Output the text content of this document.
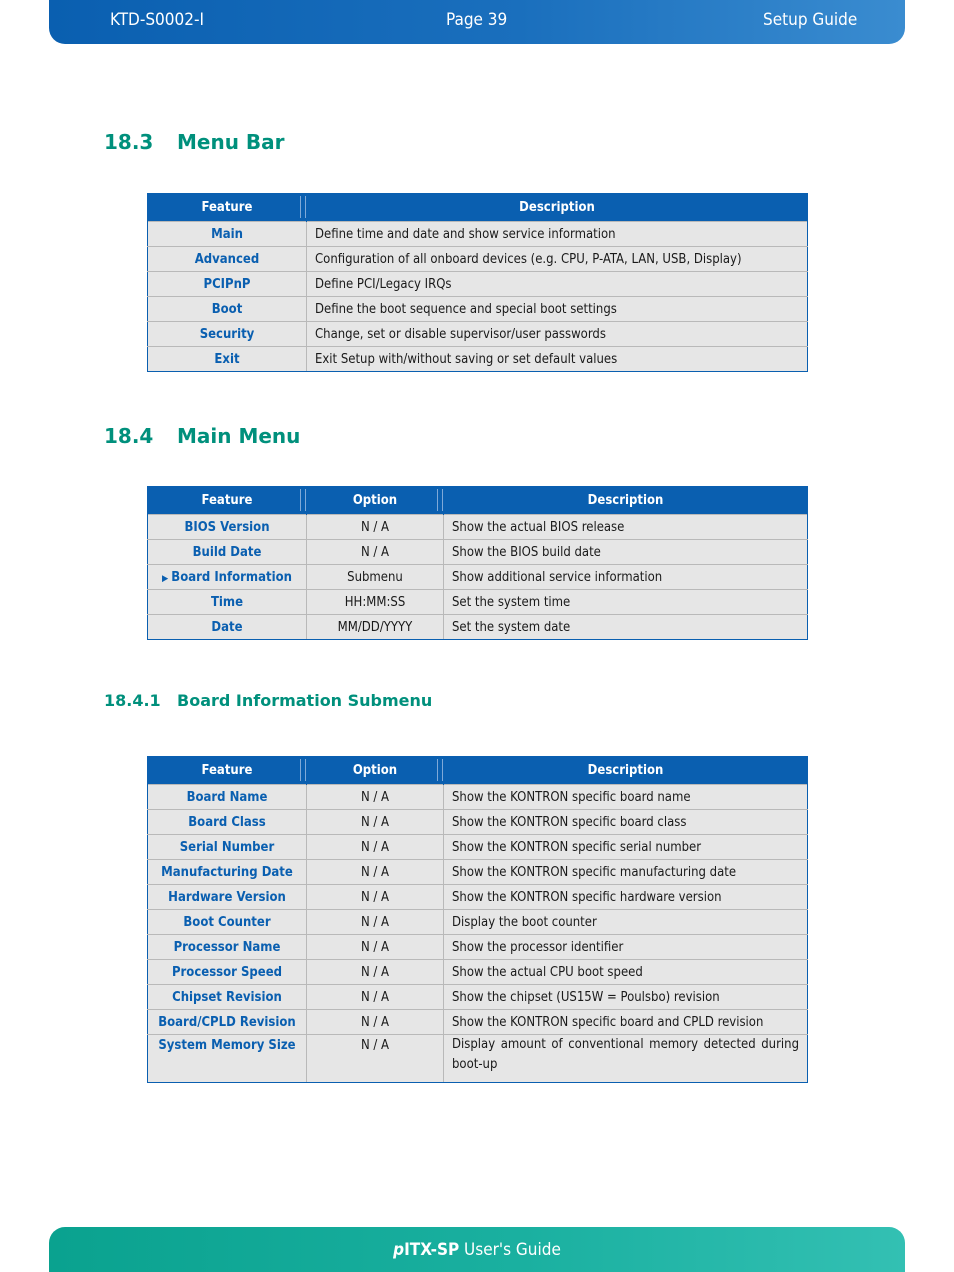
KTD-S0002-I	Page 39	Setup Guide
18.3 Menu Bar
Feature	Description
Main	Define time and date and show service information
Advanced	Configuration of all onboard devices (e.g. CPU, P-ATA, LAN, USB, Display)
PCIPnP	Define PCI/Legacy IRQs
Boot	Define the boot sequence and special boot settings
Security	Change, set or disable supervisor/user passwords
Exit	Exit Setup with/without saving or set default values
18.4 Main Menu
Feature	Option	Description
BIOS Version	N / A	Show the actual BIOS release
Build Date	N / A	Show the BIOS build date
▶ Board Information	Submenu	Show additional service information
Time	HH:MM:SS	Set the system time
Date	MM/DD/YYYY	Set the system date
18.4.1 Board Information Submenu
Feature	Option	Description
Board Name	N / A	Show the KONTRON specific board name
Board Class	N / A	Show the KONTRON specific board class
Serial Number	N / A	Show the KONTRON specific serial number
Manufacturing Date	N / A	Show the KONTRON specific manufacturing date
Hardware Version	N / A	Show the KONTRON specific hardware version
Boot Counter	N / A	Display the boot counter
Processor Name	N / A	Show the processor identifier
Processor Speed	N / A	Show the actual CPU boot speed
Chipset Revision	N / A	Show the chipset (US15W = Poulsbo) revision
Board/CPLD Revision	N / A	Show the KONTRON specific board and CPLD revision
System Memory Size	N / A	Display amount of conventional memory detected during boot-up
pITX-SP User's Guide
